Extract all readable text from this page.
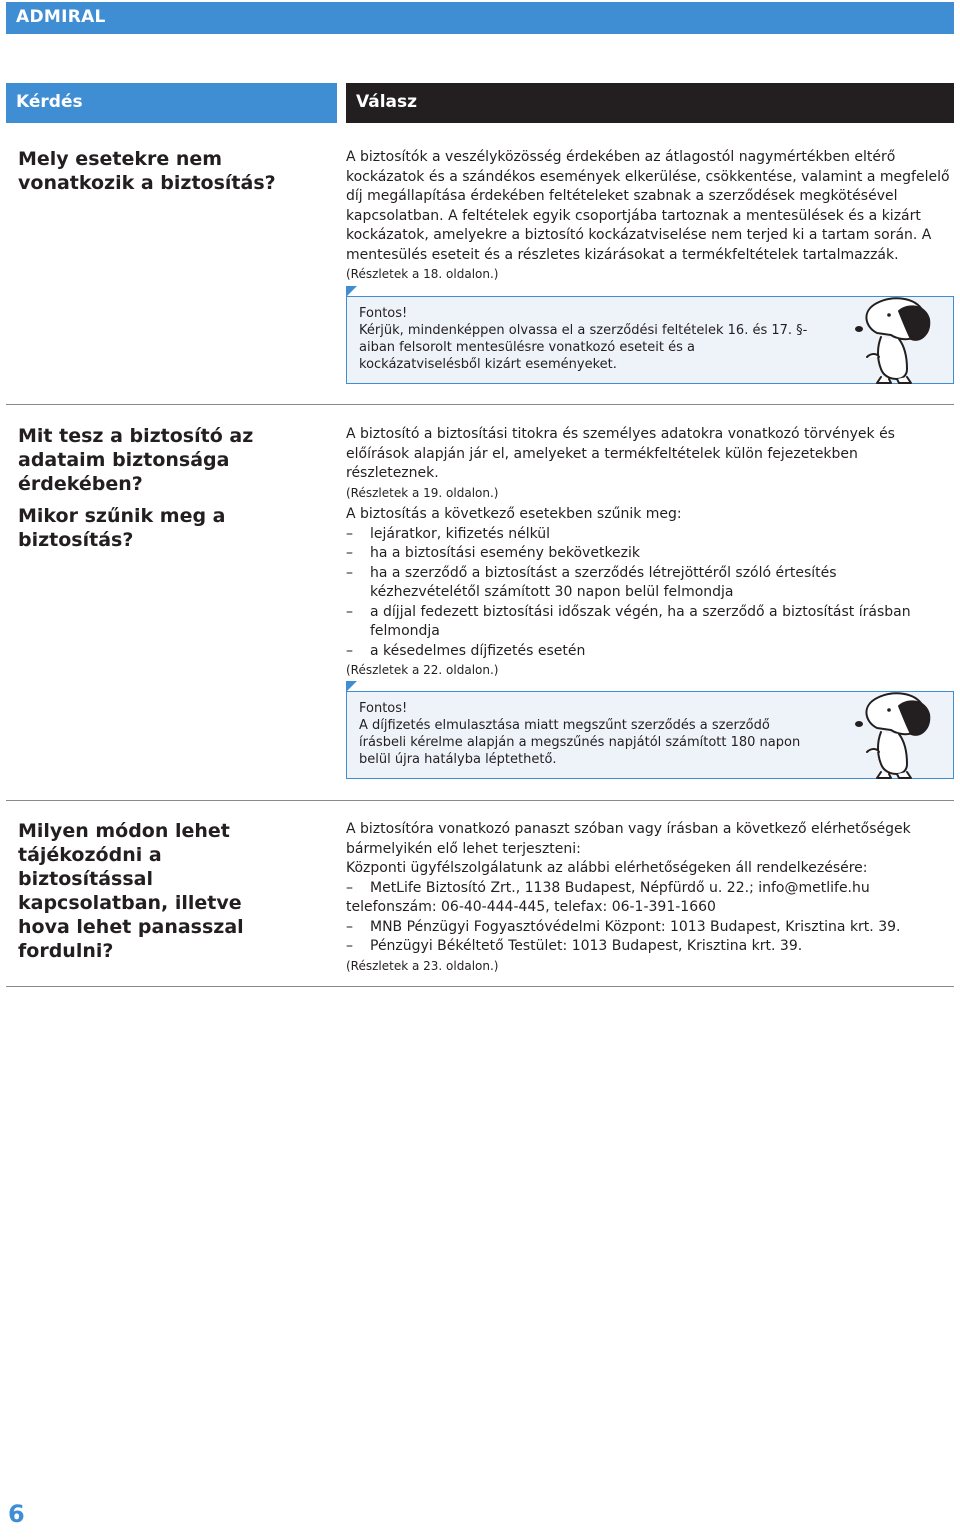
ADMIRAL
Kérdés	Válasz
Mely esetekre nem vonatkozik a biztosítás?
A biztosítók a veszélyközösség érdekében az átlagostól nagymértékben eltérő kockázatok és a szándékos események elkerülése, csökkentése, valamint a megfelelő díj megállapítása érdekében feltételeket szabnak a szerződések megkötésével kapcsolatban. A feltételek egyik csoportjába tartoznak a mentesülések és a kizárt kockázatok, amelyekre a biztosító kockázatviselése nem terjed ki a tartam során. A mentesülés eseteit és a részletes kizárásokat a termékfeltételek tartalmazzák.
(Részletek a 18. oldalon.)
Fontos!
Kérjük, mindenképpen olvassa el a szerződési feltételek 16. és 17. §-aiban felsorolt mentesülésre vonatkozó eseteit és a kockázatviselésből kizárt eseményeket.
Mit tesz a biztosító az adataim biztonsága érdekében?
A biztosító a biztosítási titokra és személyes adatokra vonatkozó törvények és előírások alapján jár el, amelyeket a termékfeltételek külön fejezetekben részleteznek.
(Részletek a 19. oldalon.)
Mikor szűnik meg a biztosítás?
A biztosítás a következő esetekben szűnik meg:
– lejáratkor, kifizetés nélkül
– ha a biztosítási esemény bekövetkezik
– ha a szerződő a biztosítást a szerződés létrejöttéről szóló értesítés kézhezvételétől számított 30 napon belül felmondja
– a díjjal fedezett biztosítási időszak végén, ha a szerződő a biztosítást írásban felmondja
– a késedelmes díjfizetés esetén
(Részletek a 22. oldalon.)
Fontos!
A díjfizetés elmulasztása miatt megszűnt szerződés a szerződő írásbeli kérelme alapján a megszűnés napjától számított 180 napon belül újra hatályba léptethető.
Milyen módon lehet tájékozódni a biztosítással kapcsolatban, illetve hova lehet panasszal fordulni?
A biztosítóra vonatkozó panaszt szóban vagy írásban a következő elérhetőségek bármelyikén elő lehet terjeszteni:
Központi ügyfélszolgálatunk az alábbi elérhetőségeken áll rendelkezésére:
– MetLife Biztosító Zrt., 1138 Budapest, Népfürdő u. 22.; info@metlife.hu
telefonszám: 06-40-444-445, telefax: 06-1-391-1660
– MNB Pénzügyi Fogyasztóvédelmi Központ: 1013 Budapest, Krisztina krt. 39.
– Pénzügyi Békéltető Testület: 1013 Budapest, Krisztina krt. 39.
(Részletek a 23. oldalon.)
6
